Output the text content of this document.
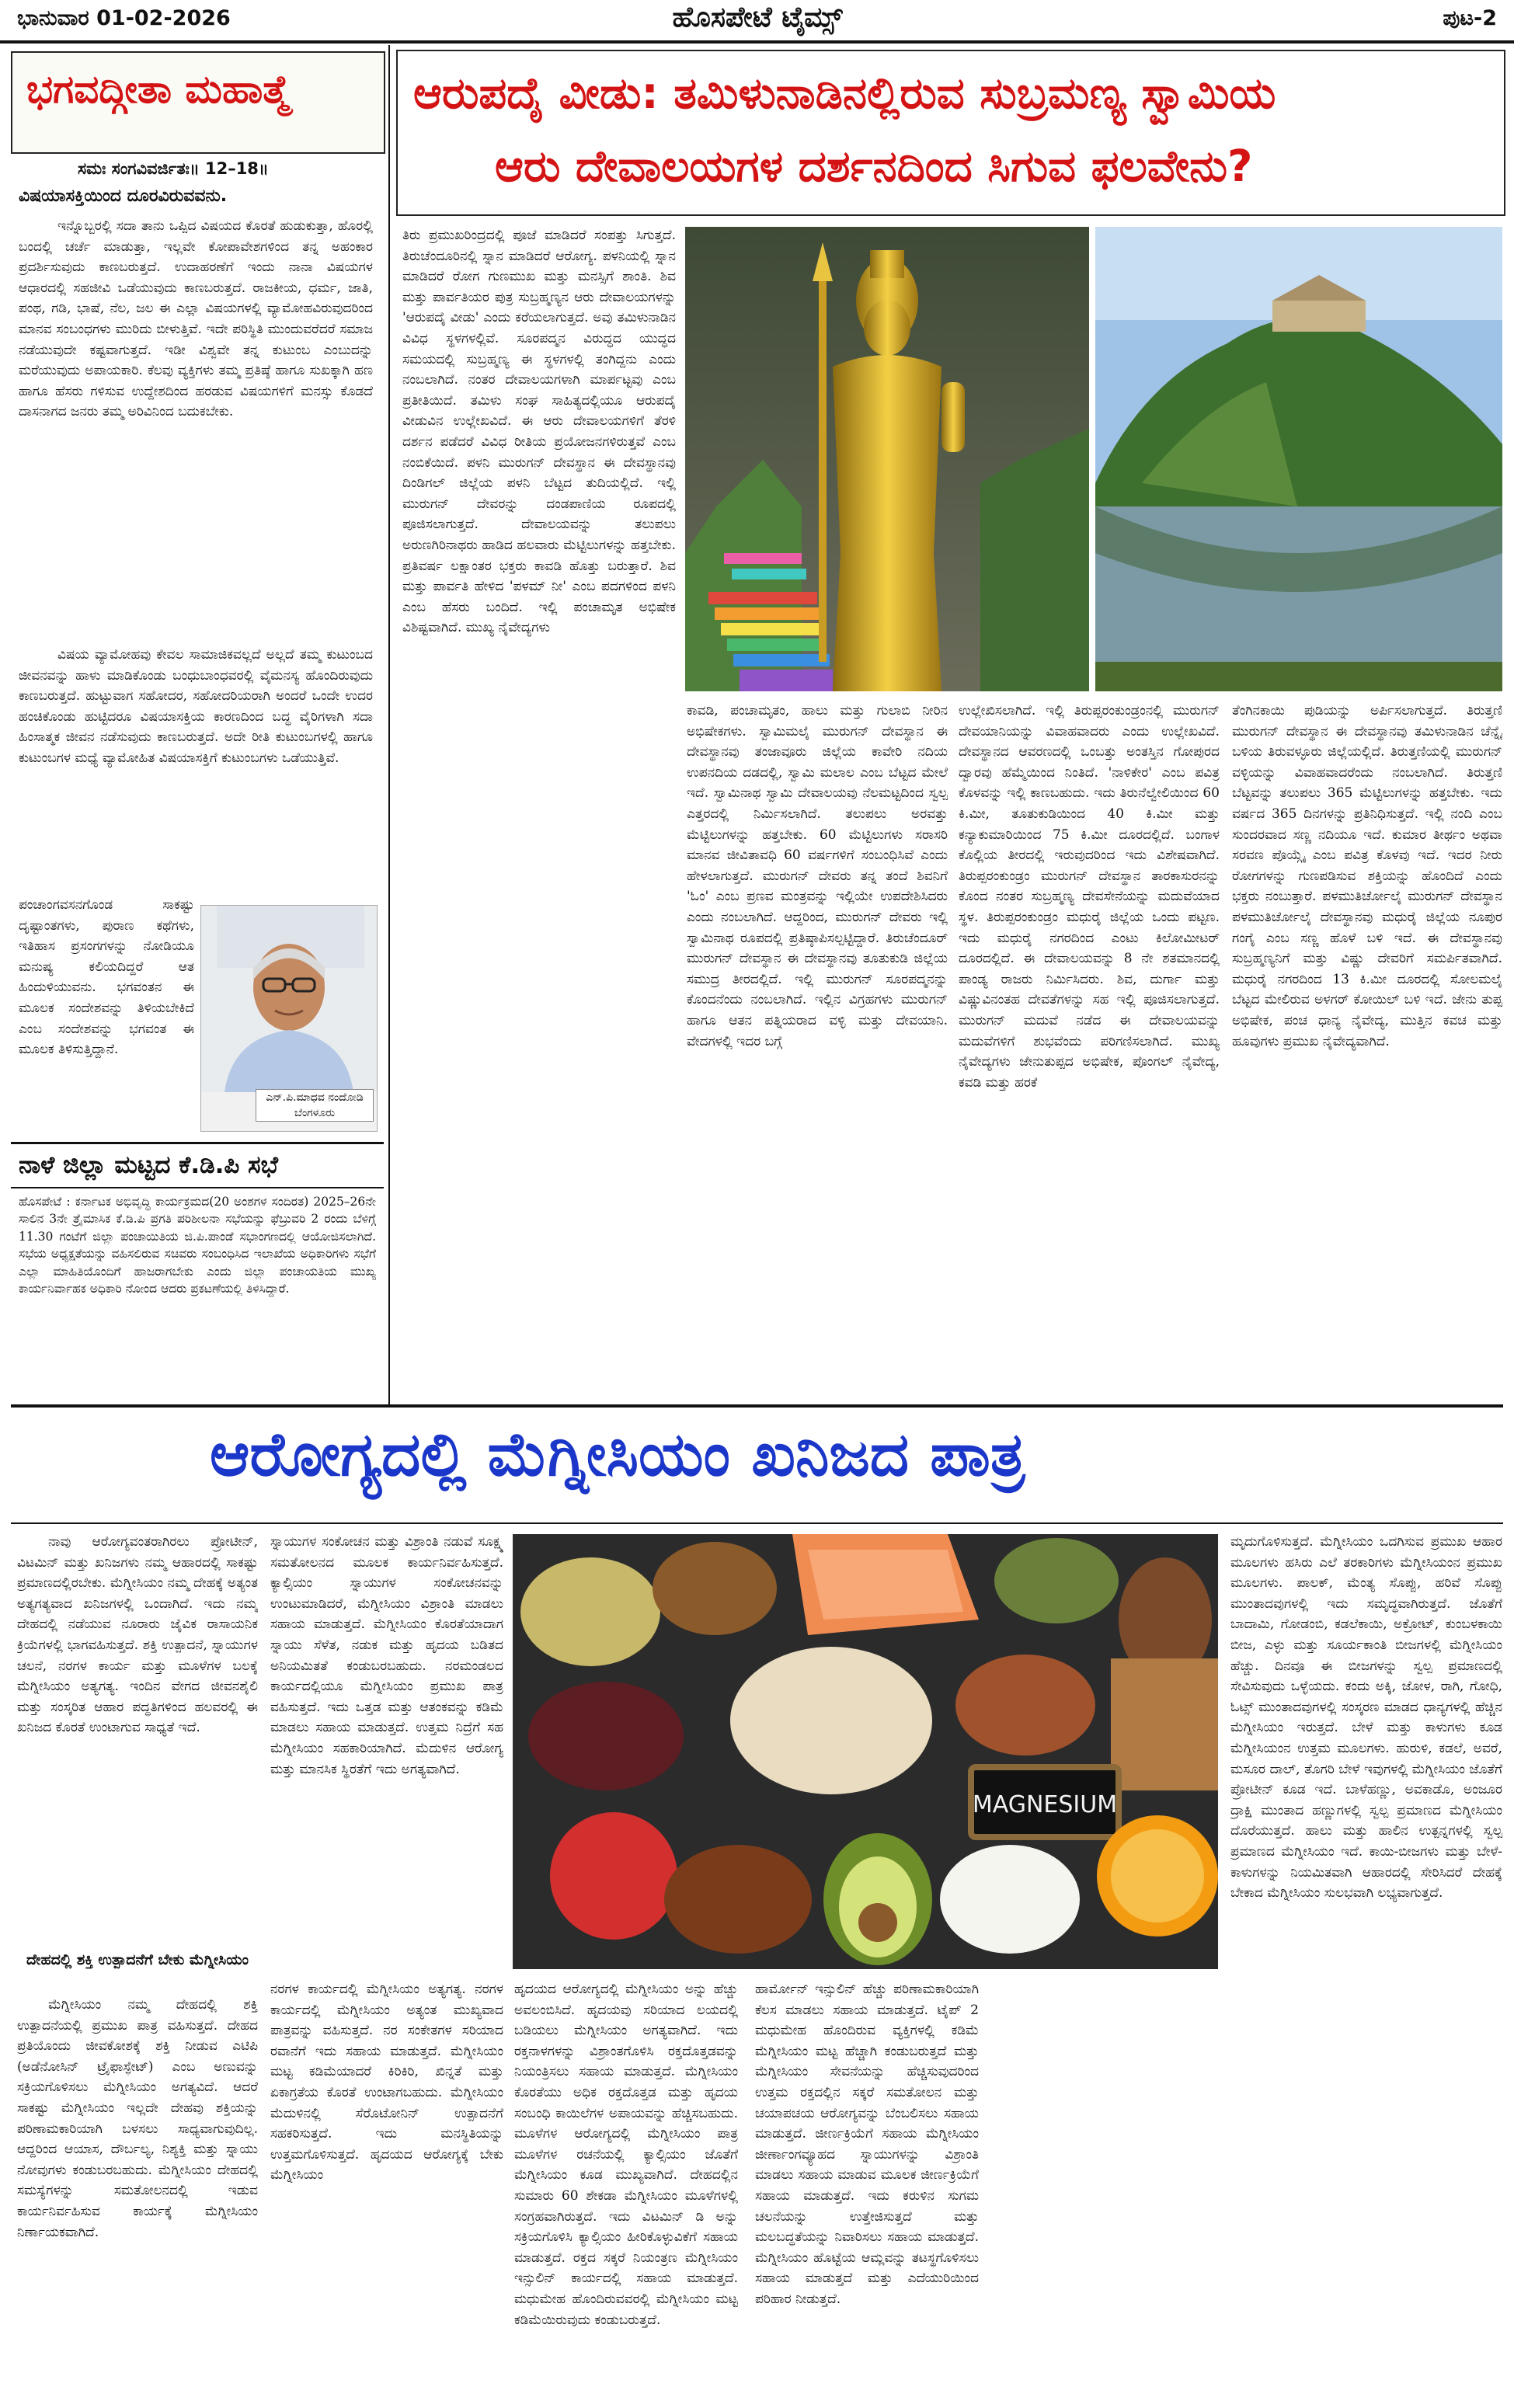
ಭಾನುವಾರ 01-02-2026	ಹೊಸಪೇಟೆ ಟೈಮ್ಸ್	ಪುಟ-2
ಭಗವದ್ಗೀತಾ ಮಹಾತ್ಮೆ
ಸಮಃ ಸಂಗವಿವರ್ಜಿತಃ॥ 12–18॥
ವಿಷಯಾಸಕ್ತಿಯಿಂದ ದೂರವಿರುವವನು.
ಇನ್ನೊಬ್ಬರಲ್ಲಿ ಸದಾ ತಾನು ಒಪ್ಪಿದ ವಿಷಯದ ಕೊರತೆ ಹುಡುಕುತ್ತಾ, ಹೊರಲ್ಲಿ ಬಂದಲ್ಲಿ ಚರ್ಚೆ ಮಾಡುತ್ತಾ, ಇಲ್ಲವೇ ಕೋಪಾವೇಶಗಳಿಂದ ತನ್ನ ಅಹಂಕಾರ ಪ್ರದರ್ಶಿಸುವುದು ಕಾಣಬರುತ್ತದೆ. ಉದಾಹರಣೆಗೆ ಇಂದು ನಾನಾ ವಿಷಯಗಳ ಆಧಾರದಲ್ಲಿ ಸಹಜೀವಿ ಒಡೆಯುವುದು ಕಾಣಬರುತ್ತದೆ. ರಾಜಕೀಯ, ಧರ್ಮ, ಜಾತಿ, ಪಂಥ, ಗಡಿ, ಭಾಷೆ, ನೆಲ, ಜಲ ಈ ಎಲ್ಲಾ ವಿಷಯಗಳಲ್ಲಿ ವ್ಯಾಮೋಹವಿರುವುದರಿಂದ ಮಾನವ ಸಂಬಂಧಗಳು ಮುರಿದು ಬೀಳುತ್ತಿವೆ. ಇದೇ ಪರಿಸ್ಥಿತಿ ಮುಂದುವರೆದರೆ ಸಮಾಜ ನಡೆಯುವುದೇ ಕಷ್ಟವಾಗುತ್ತದೆ. ಇಡೀ ವಿಶ್ವವೇ ತನ್ನ ಕುಟುಂಬ ಎಂಬುದನ್ನು ಮರೆಯುವುದು ಅಪಾಯಕಾರಿ. ಕೆಲವು ವ್ಯಕ್ತಿಗಳು ತಮ್ಮ ಪ್ರತಿಷ್ಠೆ ಹಾಗೂ ಸುಖಕ್ಕಾಗಿ ಹಣ ಹಾಗೂ ಹೆಸರು ಗಳಿಸುವ ಉದ್ದೇಶದಿಂದ ಹರಡುವ ವಿಷಯಗಳಿಗೆ ಮನಸ್ಸು ಕೊಡದೆ ದಾಸನಾಗದ ಜನರು ತಮ್ಮ ಅರಿವಿನಿಂದ ಬದುಕಬೇಕು.
ವಿಷಯ ವ್ಯಾಮೋಹವು ಕೇವಲ ಸಾಮಾಜಿಕವಲ್ಲದೆ ಅಲ್ಲದೆ ತಮ್ಮ ಕುಟುಂಬದ ಜೀವನವನ್ನು ಹಾಳು ಮಾಡಿಕೊಂಡು ಬಂಧುಬಾಂಧವರಲ್ಲಿ ವೈಮನಸ್ಯ ಹೊಂದಿರುವುದು ಕಾಣಬರುತ್ತದೆ. ಹುಟ್ಟುವಾಗ ಸಹೋದರ, ಸಹೋದರಿಯರಾಗಿ ಅಂದರೆ ಒಂದೇ ಉದರ ಹಂಚಿಕೊಂಡು ಹುಟ್ಟಿದರೂ ವಿಷಯಾಸಕ್ತಿಯ ಕಾರಣದಿಂದ ಬದ್ಧ ವೈರಿಗಳಾಗಿ ಸದಾ ಹಿಂಸಾತ್ಮಕ ಜೀವನ ನಡೆಸುವುದು ಕಾಣಬರುತ್ತದೆ. ಅದೇ ರೀತಿ ಕುಟುಂಬಗಳಲ್ಲಿ ಹಾಗೂ ಕುಟುಂಬಗಳ ಮಧ್ಯೆ ವ್ಯಾಮೋಹಿತ ವಿಷಯಾಸಕ್ತಿಗೆ ಕುಟುಂಬಗಳು ಒಡೆಯುತ್ತಿವೆ.
ಪಂಚಾಂಗವಸನಗೊಂಡ ಸಾಕಷ್ಟು ದೃಷ್ಟಾಂತಗಳು, ಪುರಾಣ ಕಥೆಗಳು, ಇತಿಹಾಸ ಪ್ರಸಂಗಗಳನ್ನು ನೋಡಿಯೂ ಮನುಷ್ಯ ಕಲಿಯದಿದ್ದರೆ ಆತ ಹಿಂದುಳಿಯುವನು. ಭಗವಂತನ ಈ ಮೂಲಕ ಸಂದೇಶವನ್ನು ತಿಳಿಯಬೇಕಿದೆ ಎಂಬ ಸಂದೇಶವನ್ನು ಭಗವಂತ ಈ ಮೂಲಕ ತಿಳಿಸುತ್ತಿದ್ದಾನೆ.
ಎನ್.ಪಿ.ಮಾಧವ ನಂದೋಡಿ
ಬೆಂಗಳೂರು
ನಾಳೆ ಜಿಲ್ಲಾ ಮಟ್ಟದ ಕೆ.ಡಿ.ಪಿ ಸಭೆ
ಹೊಸಪೇಟೆ : ಕರ್ನಾಟಕ ಅಭಿವೃದ್ಧಿ ಕಾರ್ಯಕ್ರಮದ(20 ಅಂಶಗಳ ಸಂದಿರತ) 2025–26ನೇ ಸಾಲಿನ 3ನೇ ತ್ರೈಮಾಸಿಕ ಕೆ.ಡಿ.ಪಿ ಪ್ರಗತಿ ಪರಿಶೀಲನಾ ಸಭೆಯನ್ನು ಫೆಬ್ರುವರಿ 2 ರಂದು ಬೆಳಿಗ್ಗೆ 11.30 ಗಂಟೆಗೆ ಜಿಲ್ಲಾ ಪಂಚಾಯಿತಿಯ ಜಿ.ಪಿ.ಪಾಂಡೆ ಸಭಾಂಗಣದಲ್ಲಿ ಆಯೋಜಿಸಲಾಗಿದೆ. ಸಭೆಯ ಅಧ್ಯಕ್ಷತೆಯನ್ನು ವಹಿಸಲಿರುವ ಸಚಿವರು ಸಂಬಂಧಿಸಿದ ಇಲಾಖೆಯ ಅಧಿಕಾರಿಗಳು ಸಭೆಗೆ ಎಲ್ಲಾ ಮಾಹಿತಿಯೊಂದಿಗೆ ಹಾಜರಾಗಬೇಕು ಎಂದು ಜಿಲ್ಲಾ ಪಂಚಾಯತಿಯ ಮುಖ್ಯ ಕಾರ್ಯನಿರ್ವಾಹಕ ಅಧಿಕಾರಿ ನೋಂದ ಆದರು ಪ್ರಕಟಣೆಯಲ್ಲಿ ತಿಳಿಸಿದ್ದಾರೆ.
ಆರುಪದೈ ವೀಡು: ತಮಿಳುನಾಡಿನಲ್ಲಿರುವ ಸುಬ್ರಮಣ್ಯ ಸ್ವಾಮಿಯ
ಆರು ದೇವಾಲಯಗಳ ದರ್ಶನದಿಂದ ಸಿಗುವ ಫಲವೇನು?
ತಿರು ಪ್ರಮುಖರಿಂದ್ರದಲ್ಲಿ ಪೂಜೆ ಮಾಡಿದರೆ ಸಂಪತ್ತು ಸಿಗುತ್ತದೆ. ತಿರುಚೆಂದೂರಿನಲ್ಲಿ ಸ್ನಾನ ಮಾಡಿದರೆ ಆರೋಗ್ಯ. ಪಳನಿಯಲ್ಲಿ ಸ್ನಾನ ಮಾಡಿದರೆ ರೋಗ ಗುಣಮುಖ ಮತ್ತು ಮನಸ್ಸಿಗೆ ಶಾಂತಿ. ಶಿವ ಮತ್ತು ಪಾರ್ವತಿಯರ ಪುತ್ರ ಸುಬ್ರಹ್ಮಣ್ಯನ ಆರು ದೇವಾಲಯಗಳನ್ನು 'ಆರುಪದೈ ವೀಡು' ಎಂದು ಕರೆಯಲಾಗುತ್ತದೆ. ಅವು ತಮಿಳುನಾಡಿನ ವಿವಿಧ ಸ್ಥಳಗಳಲ್ಲಿವೆ. ಸೂರಪದ್ಮನ ವಿರುದ್ಧದ ಯುದ್ಧದ ಸಮಯದಲ್ಲಿ ಸುಬ್ರಹ್ಮಣ್ಯ ಈ ಸ್ಥಳಗಳಲ್ಲಿ ತಂಗಿದ್ದನು ಎಂದು ನಂಬಲಾಗಿದೆ. ನಂತರ ದೇವಾಲಯಗಳಾಗಿ ಮಾರ್ಪಟ್ಟವು ಎಂಬ ಪ್ರತೀತಿಯಿದೆ. ತಮಿಳು ಸಂಘ ಸಾಹಿತ್ಯದಲ್ಲಿಯೂ ಆರುಪದೈ ವೀಡುವಿನ ಉಲ್ಲೇಖವಿದೆ. ಈ ಆರು ದೇವಾಲಯಗಳಿಗೆ ತೆರಳಿ ದರ್ಶನ ಪಡೆದರೆ ವಿವಿಧ ರೀತಿಯ ಪ್ರಯೋಜನಗಳಿರುತ್ತವೆ ಎಂಬ ನಂಬಿಕೆಯಿದೆ. ಪಳನಿ ಮುರುಗನ್ ದೇವಸ್ಥಾನ ಈ ದೇವಸ್ಥಾನವು ದಿಂಡಿಗಲ್ ಜಿಲ್ಲೆಯ ಪಳನಿ ಬೆಟ್ಟದ ತುದಿಯಲ್ಲಿದೆ. ಇಲ್ಲಿ ಮುರುಗನ್ ದೇವರನ್ನು ದಂಡಪಾಣಿಯ ರೂಪದಲ್ಲಿ ಪೂಜಿಸಲಾಗುತ್ತದೆ. ದೇವಾಲಯವನ್ನು ತಲುಪಲು ಅರುಣಗಿರಿನಾಥರು ಹಾಡಿದ ಹಲವಾರು ಮೆಟ್ಟಿಲುಗಳನ್ನು ಹತ್ತಬೇಕು. ಪ್ರತಿವರ್ಷ ಲಕ್ಷಾಂತರ ಭಕ್ತರು ಕಾವಡಿ ಹೊತ್ತು ಬರುತ್ತಾರೆ. ಶಿವ ಮತ್ತು ಪಾರ್ವತಿ ಹೇಳಿದ 'ಪಳಮ್ ನೀ' ಎಂಬ ಪದಗಳಿಂದ ಪಳನಿ ಎಂಬ ಹೆಸರು ಬಂದಿದೆ. ಇಲ್ಲಿ ಪಂಚಾಮೃತ ಅಭಿಷೇಕ ವಿಶಿಷ್ಟವಾಗಿದೆ. ಮುಖ್ಯ ನೈವೇದ್ಯಗಳು
ಕಾವಡಿ, ಪಂಚಾಮೃತಂ, ಹಾಲು ಮತ್ತು ಗುಲಾಬಿ ನೀರಿನ ಅಭಿಷೇಕಗಳು. ಸ್ವಾಮಿಮಲೈ ಮುರುಗನ್ ದೇವಸ್ಥಾನ ಈ ದೇವಸ್ಥಾನವು ತಂಜಾವೂರು ಜಿಲ್ಲೆಯ ಕಾವೇರಿ ನದಿಯ ಉಪನದಿಯ ದಡದಲ್ಲಿ, ಸ್ವಾಮಿ ಮಲಾಲ ಎಂಬ ಬೆಟ್ಟದ ಮೇಲೆ ಇದೆ. ಸ್ವಾಮಿನಾಥ ಸ್ವಾಮಿ ದೇವಾಲಯವು ನೆಲಮಟ್ಟದಿಂದ ಸ್ವಲ್ಪ ಎತ್ತರದಲ್ಲಿ ನಿರ್ಮಿಸಲಾಗಿದೆ. ತಲುಪಲು ಅರವತ್ತು ಮೆಟ್ಟಿಲುಗಳನ್ನು ಹತ್ತಬೇಕು. 60 ಮೆಟ್ಟಿಲುಗಳು ಸರಾಸರಿ ಮಾನವ ಜೀವಿತಾವಧಿ 60 ವರ್ಷಗಳಿಗೆ ಸಂಬಂಧಿಸಿವೆ ಎಂದು ಹೇಳಲಾಗುತ್ತದೆ. ಮುರುಗನ್ ದೇವರು ತನ್ನ ತಂದೆ ಶಿವನಿಗೆ 'ಓಂ' ಎಂಬ ಪ್ರಣವ ಮಂತ್ರವನ್ನು ಇಲ್ಲಿಯೇ ಉಪದೇಶಿಸಿದರು ಎಂದು ನಂಬಲಾಗಿದೆ. ಆದ್ದರಿಂದ, ಮುರುಗನ್ ದೇವರು ಇಲ್ಲಿ ಸ್ವಾಮಿನಾಥ ರೂಪದಲ್ಲಿ ಪ್ರತಿಷ್ಠಾಪಿಸಲ್ಪಟ್ಟಿದ್ದಾರೆ. ತಿರುಚೆಂದೂರ್ ಮುರುಗನ್ ದೇವಸ್ಥಾನ ಈ ದೇವಸ್ಥಾನವು ತೂತುಕುಡಿ ಜಿಲ್ಲೆಯ ಸಮುದ್ರ ತೀರದಲ್ಲಿದೆ. ಇಲ್ಲಿ ಮುರುಗನ್ ಸೂರಪದ್ಮನನ್ನು ಕೊಂದನೆಂದು ನಂಬಲಾಗಿದೆ. ಇಲ್ಲಿನ ವಿಗ್ರಹಗಳು ಮುರುಗನ್ ಹಾಗೂ ಆತನ ಪತ್ನಿಯರಾದ ವಳ್ಳಿ ಮತ್ತು ದೇವಯಾನಿ. ವೇದಗಳಲ್ಲಿ ಇದರ ಬಗ್ಗೆ
ಉಲ್ಲೇಖಿಸಲಾಗಿದೆ. ಇಲ್ಲಿ ತಿರುಪ್ಪರಂಕುಂಡ್ರಂನಲ್ಲಿ ಮುರುಗನ್ ದೇವಯಾನಿಯನ್ನು ವಿವಾಹವಾದರು ಎಂದು ಉಲ್ಲೇಖವಿದೆ. ದೇವಸ್ಥಾನದ ಆವರಣದಲ್ಲಿ ಒಂಬತ್ತು ಅಂತಸ್ತಿನ ಗೋಪುರದ ದ್ವಾರವು ಹೆಮ್ಮೆಯಿಂದ ನಿಂತಿದೆ. 'ನಾಳಿಕೇರ' ಎಂಬ ಪವಿತ್ರ ಕೊಳವನ್ನು ಇಲ್ಲಿ ಕಾಣಬಹುದು. ಇದು ತಿರುನೆಲ್ವೇಲಿಯಿಂದ 60 ಕಿ.ಮೀ, ತೂತುಕುಡಿಯಿಂದ 40 ಕಿ.ಮೀ ಮತ್ತು ಕನ್ಯಾಕುಮಾರಿಯಿಂದ 75 ಕಿ.ಮೀ ದೂರದಲ್ಲಿದೆ. ಬಂಗಾಳ ಕೊಲ್ಲಿಯ ತೀರದಲ್ಲಿ ಇರುವುದರಿಂದ ಇದು ವಿಶೇಷವಾಗಿದೆ. ತಿರುಪ್ಪರಂಕುಂಡ್ರಂ ಮುರುಗನ್ ದೇವಸ್ಥಾನ ತಾರಕಾಸುರನನ್ನು ಕೊಂದ ನಂತರ ಸುಬ್ರಹ್ಮಣ್ಯ ದೇವಸೇನೆಯನ್ನು ಮದುವೆಯಾದ ಸ್ಥಳ. ತಿರುಪ್ಪರಂಕುಂಡ್ರಂ ಮಧುರೈ ಜಿಲ್ಲೆಯ ಒಂದು ಪಟ್ಟಣ. ಇದು ಮಧುರೈ ನಗರದಿಂದ ಎಂಟು ಕಿಲೋಮೀಟರ್ ದೂರದಲ್ಲಿದೆ. ಈ ದೇವಾಲಯವನ್ನು 8 ನೇ ಶತಮಾನದಲ್ಲಿ ಪಾಂಡ್ಯ ರಾಜರು ನಿರ್ಮಿಸಿದರು. ಶಿವ, ದುರ್ಗಾ ಮತ್ತು ವಿಷ್ಣುವಿನಂತಹ ದೇವತೆಗಳನ್ನು ಸಹ ಇಲ್ಲಿ ಪೂಜಿಸಲಾಗುತ್ತದೆ. ಮುರುಗನ್ ಮದುವೆ ನಡೆದ ಈ ದೇವಾಲಯವನ್ನು ಮದುವೆಗಳಿಗೆ ಶುಭವೆಂದು ಪರಿಗಣಿಸಲಾಗಿದೆ. ಮುಖ್ಯ ನೈವೇದ್ಯಗಳು ಜೇನುತುಪ್ಪದ ಅಭಿಷೇಕ, ಪೊಂಗಲ್ ನೈವೇದ್ಯ, ಕವಡಿ ಮತ್ತು ಹರಕೆ
ತೆಂಗಿನಕಾಯಿ ಪುಡಿಯನ್ನು ಅರ್ಪಿಸಲಾಗುತ್ತದೆ. ತಿರುತ್ತಣಿ ಮುರುಗನ್ ದೇವಸ್ಥಾನ ಈ ದೇವಸ್ಥಾನವು ತಮಿಳುನಾಡಿನ ಚೆನ್ನೈ ಬಳಿಯ ತಿರುವಳ್ಳೂರು ಜಿಲ್ಲೆಯಲ್ಲಿದೆ. ತಿರುತ್ತಣಿಯಲ್ಲಿ ಮುರುಗನ್ ವಳ್ಳಿಯನ್ನು ವಿವಾಹವಾದರೆಂದು ನಂಬಲಾಗಿದೆ. ತಿರುತ್ತಣಿ ಬೆಟ್ಟವನ್ನು ತಲುಪಲು 365 ಮೆಟ್ಟಿಲುಗಳನ್ನು ಹತ್ತಬೇಕು. ಇದು ವರ್ಷದ 365 ದಿನಗಳನ್ನು ಪ್ರತಿನಿಧಿಸುತ್ತದೆ. ಇಲ್ಲಿ ನಂದಿ ಎಂಬ ಸುಂದರವಾದ ಸಣ್ಣ ನದಿಯೂ ಇದೆ. ಕುಮಾರ ತೀರ್ಥಂ ಅಥವಾ ಸರವಣ ಪೊಯ್ಗೈ ಎಂಬ ಪವಿತ್ರ ಕೊಳವು ಇದೆ. ಇದರ ನೀರು ರೋಗಗಳನ್ನು ಗುಣಪಡಿಸುವ ಶಕ್ತಿಯನ್ನು ಹೊಂದಿದೆ ಎಂದು ಭಕ್ತರು ನಂಬುತ್ತಾರೆ. ಪಳಮುತಿರ್ಚೋಲೈ ಮುರುಗನ್ ದೇವಸ್ಥಾನ ಪಳಮುತಿರ್ಚೋಲೈ ದೇವಸ್ಥಾನವು ಮಧುರೈ ಜಿಲ್ಲೆಯ ನೂಪುರ ಗಂಗೈ ಎಂಬ ಸಣ್ಣ ಹೊಳೆ ಬಳಿ ಇದೆ. ಈ ದೇವಸ್ಥಾನವು ಸುಬ್ರಹ್ಮಣ್ಯನಿಗೆ ಮತ್ತು ವಿಷ್ಣು ದೇವರಿಗೆ ಸಮರ್ಪಿತವಾಗಿದೆ. ಮಧುರೈ ನಗರದಿಂದ 13 ಕಿ.ಮೀ ದೂರದಲ್ಲಿ ಸೋಲಮಲೈ ಬೆಟ್ಟದ ಮೇಲಿರುವ ಅಳಗರ್ ಕೋಯಿಲ್ ಬಳಿ ಇದೆ. ಜೇನು ತುಪ್ಪ ಅಭಿಷೇಕ, ಪಂಚ ಧಾನ್ಯ ನೈವೇದ್ಯ, ಮುತ್ತಿನ ಕವಚ ಮತ್ತು ಹೂವುಗಳು ಪ್ರಮುಖ ನೈವೇದ್ಯವಾಗಿದೆ.
ಆರೋಗ್ಯದಲ್ಲಿ ಮೆಗ್ನೀಸಿಯಂ ಖನಿಜದ ಪಾತ್ರ
ನಾವು ಆರೋಗ್ಯವಂತರಾಗಿರಲು ಪ್ರೋಟೀನ್, ವಿಟಮಿನ್ ಮತ್ತು ಖನಿಜಗಳು ನಮ್ಮ ಆಹಾರದಲ್ಲಿ ಸಾಕಷ್ಟು ಪ್ರಮಾಣದಲ್ಲಿರಬೇಕು. ಮೆಗ್ನೀಸಿಯಂ ನಮ್ಮ ದೇಹಕ್ಕೆ ಅತ್ಯಂತ ಅತ್ಯಗತ್ಯವಾದ ಖನಿಜಗಳಲ್ಲಿ ಒಂದಾಗಿದೆ. ಇದು ನಮ್ಮ ದೇಹದಲ್ಲಿ ನಡೆಯುವ ನೂರಾರು ಜೈವಿಕ ರಾಸಾಯನಿಕ ಕ್ರಿಯೆಗಳಲ್ಲಿ ಭಾಗವಹಿಸುತ್ತದೆ. ಶಕ್ತಿ ಉತ್ಪಾದನೆ, ಸ್ನಾಯುಗಳ ಚಲನೆ, ನರಗಳ ಕಾರ್ಯ ಮತ್ತು ಮೂಳೆಗಳ ಬಲಕ್ಕೆ ಮೆಗ್ನೀಸಿಯಂ ಅತ್ಯಗತ್ಯ. ಇಂದಿನ ವೇಗದ ಜೀವನಶೈಲಿ ಮತ್ತು ಸಂಸ್ಕರಿತ ಆಹಾರ ಪದ್ಧತಿಗಳಿಂದ ಹಲವರಲ್ಲಿ ಈ ಖನಿಜದ ಕೊರತೆ ಉಂಟಾಗುವ ಸಾಧ್ಯತೆ ಇದೆ.
ದೇಹದಲ್ಲಿ ಶಕ್ತಿ ಉತ್ಪಾದನೆಗೆ ಬೇಕು ಮೆಗ್ನೀಸಿಯಂ
ಮೆಗ್ನೀಸಿಯಂ ನಮ್ಮ ದೇಹದಲ್ಲಿ ಶಕ್ತಿ ಉತ್ಪಾದನೆಯಲ್ಲಿ ಪ್ರಮುಖ ಪಾತ್ರ ವಹಿಸುತ್ತದೆ. ದೇಹದ ಪ್ರತಿಯೊಂದು ಜೀವಕೋಶಕ್ಕೆ ಶಕ್ತಿ ನೀಡುವ ಎಟಿಪಿ (ಅಡೆನೋಸಿನ್ ಟ್ರೈಫಾಸ್ಫೇಟ್) ಎಂಬ ಅಣುವನ್ನು ಸಕ್ರಿಯಗೊಳಿಸಲು ಮೆಗ್ನೀಸಿಯಂ ಅಗತ್ಯವಿದೆ. ಆದರೆ ಸಾಕಷ್ಟು ಮೆಗ್ನೀಸಿಯಂ ಇಲ್ಲದೇ ದೇಹವು ಶಕ್ತಿಯನ್ನು ಪರಿಣಾಮಕಾರಿಯಾಗಿ ಬಳಸಲು ಸಾಧ್ಯವಾಗುವುದಿಲ್ಲ. ಆದ್ದರಿಂದ ಆಯಾಸ, ದೌರ್ಬಲ್ಯ, ನಿಶ್ಯಕ್ತಿ ಮತ್ತು ಸ್ನಾಯು ನೋವುಗಳು ಕಂಡುಬರಬಹುದು. ಮೆಗ್ನೀಸಿಯಂ ದೇಹದಲ್ಲಿ ಸಮಸ್ಯೆಗಳನ್ನು ಸಮತೋಲನದಲ್ಲಿ ಇಡುವ ಕಾರ್ಯನಿರ್ವಹಿಸುವ ಕಾರ್ಯಕ್ಕೆ ಮೆಗ್ನೀಸಿಯಂ ನಿರ್ಣಾಯಕವಾಗಿದೆ.
ಸ್ನಾಯುಗಳ ಸಂಕೋಚನ ಮತ್ತು ವಿಶ್ರಾಂತಿ ನಡುವೆ ಸೂಕ್ಷ್ಮ ಸಮತೋಲನದ ಮೂಲಕ ಕಾರ್ಯನಿರ್ವಹಿಸುತ್ತದೆ. ಕ್ಯಾಲ್ಸಿಯಂ ಸ್ನಾಯುಗಳ ಸಂಕೋಚನವನ್ನು ಉಂಟುಮಾಡಿದರೆ, ಮೆಗ್ನೀಸಿಯಂ ವಿಶ್ರಾಂತಿ ಮಾಡಲು ಸಹಾಯ ಮಾಡುತ್ತದೆ. ಮೆಗ್ನೀಸಿಯಂ ಕೊರತೆಯಾದಾಗ ಸ್ನಾಯು ಸೆಳೆತ, ನಡುಕ ಮತ್ತು ಹೃದಯ ಬಡಿತದ ಅನಿಯಮಿತತೆ ಕಂಡುಬರಬಹುದು. ನರಮಂಡಲದ ಕಾರ್ಯದಲ್ಲಿಯೂ ಮೆಗ್ನೀಸಿಯಂ ಪ್ರಮುಖ ಪಾತ್ರ ವಹಿಸುತ್ತದೆ. ಇದು ಒತ್ತಡ ಮತ್ತು ಆತಂಕವನ್ನು ಕಡಿಮೆ ಮಾಡಲು ಸಹಾಯ ಮಾಡುತ್ತದೆ. ಉತ್ತಮ ನಿದ್ರೆಗೆ ಸಹ ಮೆಗ್ನೀಸಿಯಂ ಸಹಕಾರಿಯಾಗಿದೆ. ಮೆದುಳಿನ ಆರೋಗ್ಯ ಮತ್ತು ಮಾನಸಿಕ ಸ್ಥಿರತೆಗೆ ಇದು ಅಗತ್ಯವಾಗಿದೆ.
MAGNESIUM
ನರಗಳ ಕಾರ್ಯದಲ್ಲಿ ಮೆಗ್ನೀಸಿಯಂ ಅತ್ಯಗತ್ಯ. ನರಗಳ ಕಾರ್ಯದಲ್ಲಿ ಮೆಗ್ನೀಸಿಯಂ ಅತ್ಯಂತ ಮುಖ್ಯವಾದ ಪಾತ್ರವನ್ನು ವಹಿಸುತ್ತದೆ. ನರ ಸಂಕೇತಗಳ ಸರಿಯಾದ ರವಾನೆಗೆ ಇದು ಸಹಾಯ ಮಾಡುತ್ತದೆ. ಮೆಗ್ನೀಸಿಯಂ ಮಟ್ಟ ಕಡಿಮೆಯಾದರೆ ಕಿರಿಕಿರಿ, ಖಿನ್ನತೆ ಮತ್ತು ಏಕಾಗ್ರತೆಯ ಕೊರತೆ ಉಂಟಾಗಬಹುದು. ಮೆಗ್ನೀಸಿಯಂ ಮೆದುಳಿನಲ್ಲಿ ಸೆರೊಟೋನಿನ್ ಉತ್ಪಾದನೆಗೆ ಸಹಕರಿಸುತ್ತದೆ. ಇದು ಮನಸ್ಥಿತಿಯನ್ನು ಉತ್ತಮಗೊಳಿಸುತ್ತದೆ. ಹೃದಯದ ಆರೋಗ್ಯಕ್ಕೆ ಬೇಕು ಮೆಗ್ನೀಸಿಯಂ
ಹೃದಯದ ಆರೋಗ್ಯದಲ್ಲಿ ಮೆಗ್ನೀಸಿಯಂ ಅನ್ನು ಹೆಚ್ಚು ಅವಲಂಬಿಸಿದೆ. ಹೃದಯವು ಸರಿಯಾದ ಲಯದಲ್ಲಿ ಬಡಿಯಲು ಮೆಗ್ನೀಸಿಯಂ ಅಗತ್ಯವಾಗಿದೆ. ಇದು ರಕ್ತನಾಳಗಳನ್ನು ವಿಶ್ರಾಂತಗೊಳಿಸಿ ರಕ್ತದೊತ್ತಡವನ್ನು ನಿಯಂತ್ರಿಸಲು ಸಹಾಯ ಮಾಡುತ್ತದೆ. ಮೆಗ್ನೀಸಿಯಂ ಕೊರತೆಯು ಅಧಿಕ ರಕ್ತದೊತ್ತಡ ಮತ್ತು ಹೃದಯ ಸಂಬಂಧಿ ಕಾಯಿಲೆಗಳ ಅಪಾಯವನ್ನು ಹೆಚ್ಚಿಸಬಹುದು. ಮೂಳೆಗಳ ಆರೋಗ್ಯದಲ್ಲಿ ಮೆಗ್ನೀಸಿಯಂ ಪಾತ್ರ ಮೂಳೆಗಳ ರಚನೆಯಲ್ಲಿ ಕ್ಯಾಲ್ಸಿಯಂ ಜೊತೆಗೆ ಮೆಗ್ನೀಸಿಯಂ ಕೂಡ ಮುಖ್ಯವಾಗಿದೆ. ದೇಹದಲ್ಲಿನ ಸುಮಾರು 60 ಶೇಕಡಾ ಮೆಗ್ನೀಸಿಯಂ ಮೂಳೆಗಳಲ್ಲಿ ಸಂಗ್ರಹವಾಗಿರುತ್ತದೆ. ಇದು ವಿಟಮಿನ್ ಡಿ ಅನ್ನು ಸಕ್ರಿಯಗೊಳಿಸಿ ಕ್ಯಾಲ್ಸಿಯಂ ಹೀರಿಕೊಳ್ಳುವಿಕೆಗೆ ಸಹಾಯ ಮಾಡುತ್ತದೆ. ರಕ್ತದ ಸಕ್ಕರೆ ನಿಯಂತ್ರಣ ಮೆಗ್ನೀಸಿಯಂ ಇನ್ಸುಲಿನ್ ಕಾರ್ಯದಲ್ಲಿ ಸಹಾಯ ಮಾಡುತ್ತದೆ. ಮಧುಮೇಹ ಹೊಂದಿರುವವರಲ್ಲಿ ಮೆಗ್ನೀಸಿಯಂ ಮಟ್ಟ ಕಡಿಮೆಯಿರುವುದು ಕಂಡುಬರುತ್ತದೆ.
ಹಾರ್ಮೋನ್ ಇನ್ಸುಲಿನ್ ಹೆಚ್ಚು ಪರಿಣಾಮಕಾರಿಯಾಗಿ ಕೆಲಸ ಮಾಡಲು ಸಹಾಯ ಮಾಡುತ್ತದೆ. ಟೈಪ್ 2 ಮಧುಮೇಹ ಹೊಂದಿರುವ ವ್ಯಕ್ತಿಗಳಲ್ಲಿ ಕಡಿಮೆ ಮೆಗ್ನೀಸಿಯಂ ಮಟ್ಟ ಹೆಚ್ಚಾಗಿ ಕಂಡುಬರುತ್ತದೆ ಮತ್ತು ಮೆಗ್ನೀಸಿಯಂ ಸೇವನೆಯನ್ನು ಹೆಚ್ಚಿಸುವುದರಿಂದ ಉತ್ತಮ ರಕ್ತದಲ್ಲಿನ ಸಕ್ಕರೆ ಸಮತೋಲನ ಮತ್ತು ಚಯಾಪಚಯ ಆರೋಗ್ಯವನ್ನು ಬೆಂಬಲಿಸಲು ಸಹಾಯ ಮಾಡುತ್ತದೆ. ಜೀರ್ಣಕ್ರಿಯೆಗೆ ಸಹಾಯ ಮೆಗ್ನೀಸಿಯಂ ಜೀರ್ಣಾಂಗವ್ಯೂಹದ ಸ್ನಾಯುಗಳನ್ನು ವಿಶ್ರಾಂತಿ ಮಾಡಲು ಸಹಾಯ ಮಾಡುವ ಮೂಲಕ ಜೀರ್ಣಕ್ರಿಯೆಗೆ ಸಹಾಯ ಮಾಡುತ್ತದೆ. ಇದು ಕರುಳಿನ ಸುಗಮ ಚಲನೆಯನ್ನು ಉತ್ತೇಜಿಸುತ್ತದೆ ಮತ್ತು ಮಲಬದ್ಧತೆಯನ್ನು ನಿವಾರಿಸಲು ಸಹಾಯ ಮಾಡುತ್ತದೆ. ಮೆಗ್ನೀಸಿಯಂ ಹೊಟ್ಟೆಯ ಆಮ್ಲವನ್ನು ತಟಸ್ಥಗೊಳಿಸಲು ಸಹಾಯ ಮಾಡುತ್ತದೆ ಮತ್ತು ಎದೆಯುರಿಯಿಂದ ಪರಿಹಾರ ನೀಡುತ್ತದೆ.
ಮೃದುಗೊಳಿಸುತ್ತದೆ. ಮೆಗ್ನೀಸಿಯಂ ಒದಗಿಸುವ ಪ್ರಮುಖ ಆಹಾರ ಮೂಲಗಳು ಹಸಿರು ಎಲೆ ತರಕಾರಿಗಳು ಮೆಗ್ನೀಸಿಯಂನ ಪ್ರಮುಖ ಮೂಲಗಳು. ಪಾಲಕ್, ಮೆಂತ್ಯ ಸೊಪ್ಪು, ಹರಿವೆ ಸೊಪ್ಪು ಮುಂತಾದವುಗಳಲ್ಲಿ ಇದು ಸಮೃದ್ಧವಾಗಿರುತ್ತದೆ. ಜೊತೆಗೆ ಬಾದಾಮಿ, ಗೋಡಂಬಿ, ಕಡಲೆಕಾಯಿ, ಅಕ್ರೋಟ್, ಕುಂಬಳಕಾಯಿ ಬೀಜ, ಎಳ್ಳು ಮತ್ತು ಸೂರ್ಯಕಾಂತಿ ಬೀಜಗಳಲ್ಲಿ ಮೆಗ್ನೀಸಿಯಂ ಹೆಚ್ಚು. ದಿನವೂ ಈ ಬೀಜಗಳನ್ನು ಸ್ವಲ್ಪ ಪ್ರಮಾಣದಲ್ಲಿ ಸೇವಿಸುವುದು ಒಳ್ಳೆಯದು. ಕಂದು ಅಕ್ಕಿ, ಜೋಳ, ರಾಗಿ, ಗೋಧಿ, ಓಟ್ಸ್ ಮುಂತಾದವುಗಳಲ್ಲಿ ಸಂಸ್ಕರಣ ಮಾಡದ ಧಾನ್ಯಗಳಲ್ಲಿ ಹೆಚ್ಚಿನ ಮೆಗ್ನೀಸಿಯಂ ಇರುತ್ತದೆ. ಬೇಳೆ ಮತ್ತು ಕಾಳುಗಳು ಕೂಡ ಮೆಗ್ನೀಸಿಯಂನ ಉತ್ತಮ ಮೂಲಗಳು. ಹುರುಳಿ, ಕಡಲೆ, ಅವರೆ, ಮಸೂರ ದಾಲ್, ತೊಗರಿ ಬೇಳೆ ಇವುಗಳಲ್ಲಿ ಮೆಗ್ನೀಸಿಯಂ ಜೊತೆಗೆ ಪ್ರೋಟೀನ್ ಕೂಡ ಇದೆ. ಬಾಳೆಹಣ್ಣು, ಅವಕಾಡೊ, ಅಂಜೂರ ದ್ರಾಕ್ಷಿ ಮುಂತಾದ ಹಣ್ಣುಗಳಲ್ಲಿ ಸ್ವಲ್ಪ ಪ್ರಮಾಣದ ಮೆಗ್ನೀಸಿಯಂ ದೊರೆಯುತ್ತದೆ. ಹಾಲು ಮತ್ತು ಹಾಲಿನ ಉತ್ಪನ್ನಗಳಲ್ಲಿ ಸ್ವಲ್ಪ ಪ್ರಮಾಣದ ಮೆಗ್ನೀಸಿಯಂ ಇದೆ. ಕಾಯಿ-ಬೀಜಗಳು ಮತ್ತು ಬೇಳೆ-ಕಾಳುಗಳನ್ನು ನಿಯಮಿತವಾಗಿ ಆಹಾರದಲ್ಲಿ ಸೇರಿಸಿದರೆ ದೇಹಕ್ಕೆ ಬೇಕಾದ ಮೆಗ್ನೀಸಿಯಂ ಸುಲಭವಾಗಿ ಲಭ್ಯವಾಗುತ್ತದೆ.
